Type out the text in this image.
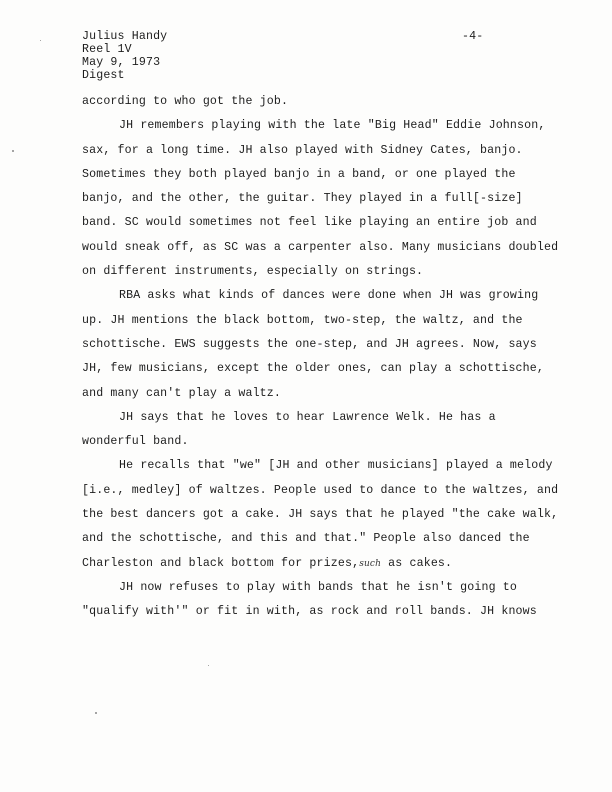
Julius Handy
Reel 1V
May 9, 1973
Digest
-4-

according to who got the job.

JH remembers playing with the late "Big Head" Eddie Johnson, sax, for a long time. JH also played with Sidney Cates, banjo. Sometimes they both played banjo in a band, or one played the banjo, and the other, the guitar. They played in a full[-size] band. SC would sometimes not feel like playing an entire job and would sneak off, as SC was a carpenter also. Many musicians doubled on different instruments, especially on strings.

RBA asks what kinds of dances were done when JH was growing up. JH mentions the black bottom, two-step, the waltz, and the schottische. EWS suggests the one-step, and JH agrees. Now, says JH, few musicians, except the older ones, can play a schottische, and many can't play a waltz.

JH says that he loves to hear Lawrence Welk. He has a wonderful band.

He recalls that "we" [JH and other musicians] played a melody [i.e., medley] of waltzes. People used to dance to the waltzes, and the best dancers got a cake. JH says that he played "the cake walk, and the schottische, and this and that." People also danced the Charleston and black bottom for prizes,such as cakes.

JH now refuses to play with bands that he isn't going to "qualify with'" or fit in with, as rock and roll bands. JH knows
